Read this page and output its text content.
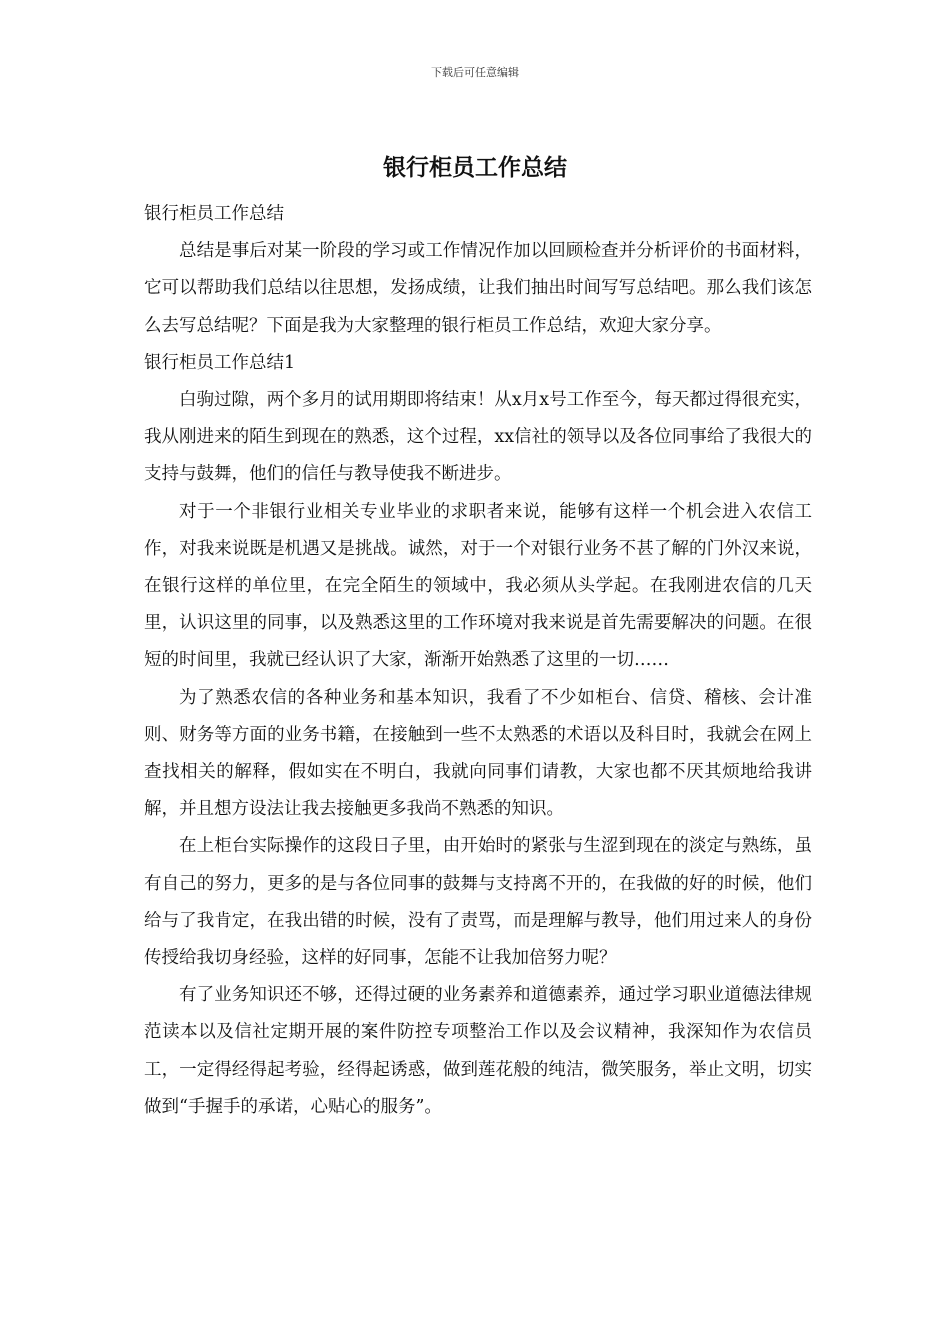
下载后可任意编辑
银行柜员工作总结

银行柜员工作总结

总结是事后对某一阶段的学习或工作情况作加以回顾检查并分析评价的书面材料，它可以帮助我们总结以往思想，发扬成绩，让我们抽出时间写写总结吧。那么我们该怎么去写总结呢？下面是我为大家整理的银行柜员工作总结，欢迎大家分享。

银行柜员工作总结1

白驹过隙，两个多月的试用期即将结束！从x月x号工作至今，每天都过得很充实，我从刚进来的陌生到现在的熟悉，这个过程，xx信社的领导以及各位同事给了我很大的支持与鼓舞，他们的信任与教导使我不断进步。

对于一个非银行业相关专业毕业的求职者来说，能够有这样一个机会进入农信工作，对我来说既是机遇又是挑战。诚然，对于一个对银行业务不甚了解的门外汉来说，在银行这样的单位里，在完全陌生的领域中，我必须从头学起。在我刚进农信的几天里，认识这里的同事，以及熟悉这里的工作环境对我来说是首先需要解决的问题。在很短的时间里，我就已经认识了大家，渐渐开始熟悉了这里的一切……

为了熟悉农信的各种业务和基本知识，我看了不少如柜台、信贷、稽核、会计准则、财务等方面的业务书籍，在接触到一些不太熟悉的术语以及科目时，我就会在网上查找相关的解释，假如实在不明白，我就向同事们请教，大家也都不厌其烦地给我讲解，并且想方设法让我去接触更多我尚不熟悉的知识。

在上柜台实际操作的这段日子里，由开始时的紧张与生涩到现在的淡定与熟练，虽有自己的努力，更多的是与各位同事的鼓舞与支持离不开的，在我做的好的时候，他们给与了我肯定，在我出错的时候，没有了责骂，而是理解与教导，他们用过来人的身份传授给我切身经验，这样的好同事，怎能不让我加倍努力呢？

有了业务知识还不够，还得过硬的业务素养和道德素养，通过学习职业道德法律规范读本以及信社定期开展的案件防控专项整治工作以及会议精神，我深知作为农信员工，一定得经得起考验，经得起诱惑，做到莲花般的纯洁，微笑服务，举止文明，切实做到“手握手的承诺，心贴心的服务”。
